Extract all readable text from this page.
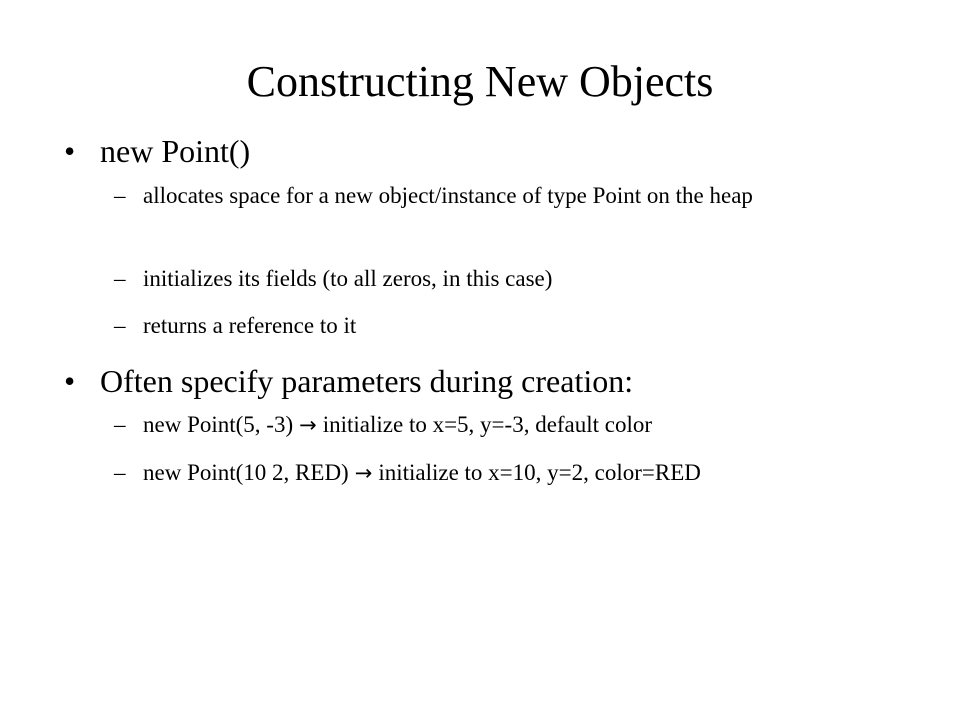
Constructing New Objects
• new Point()
– allocates space for a new object/instance of type Point on the heap
– initializes its fields (to all zeros, in this case)
– returns a reference to it
• Often specify parameters during creation:
– new Point(5, -3) → initialize to x=5, y=-3, default color
– new Point(10 2, RED) → initialize to x=10, y=2, color=RED
